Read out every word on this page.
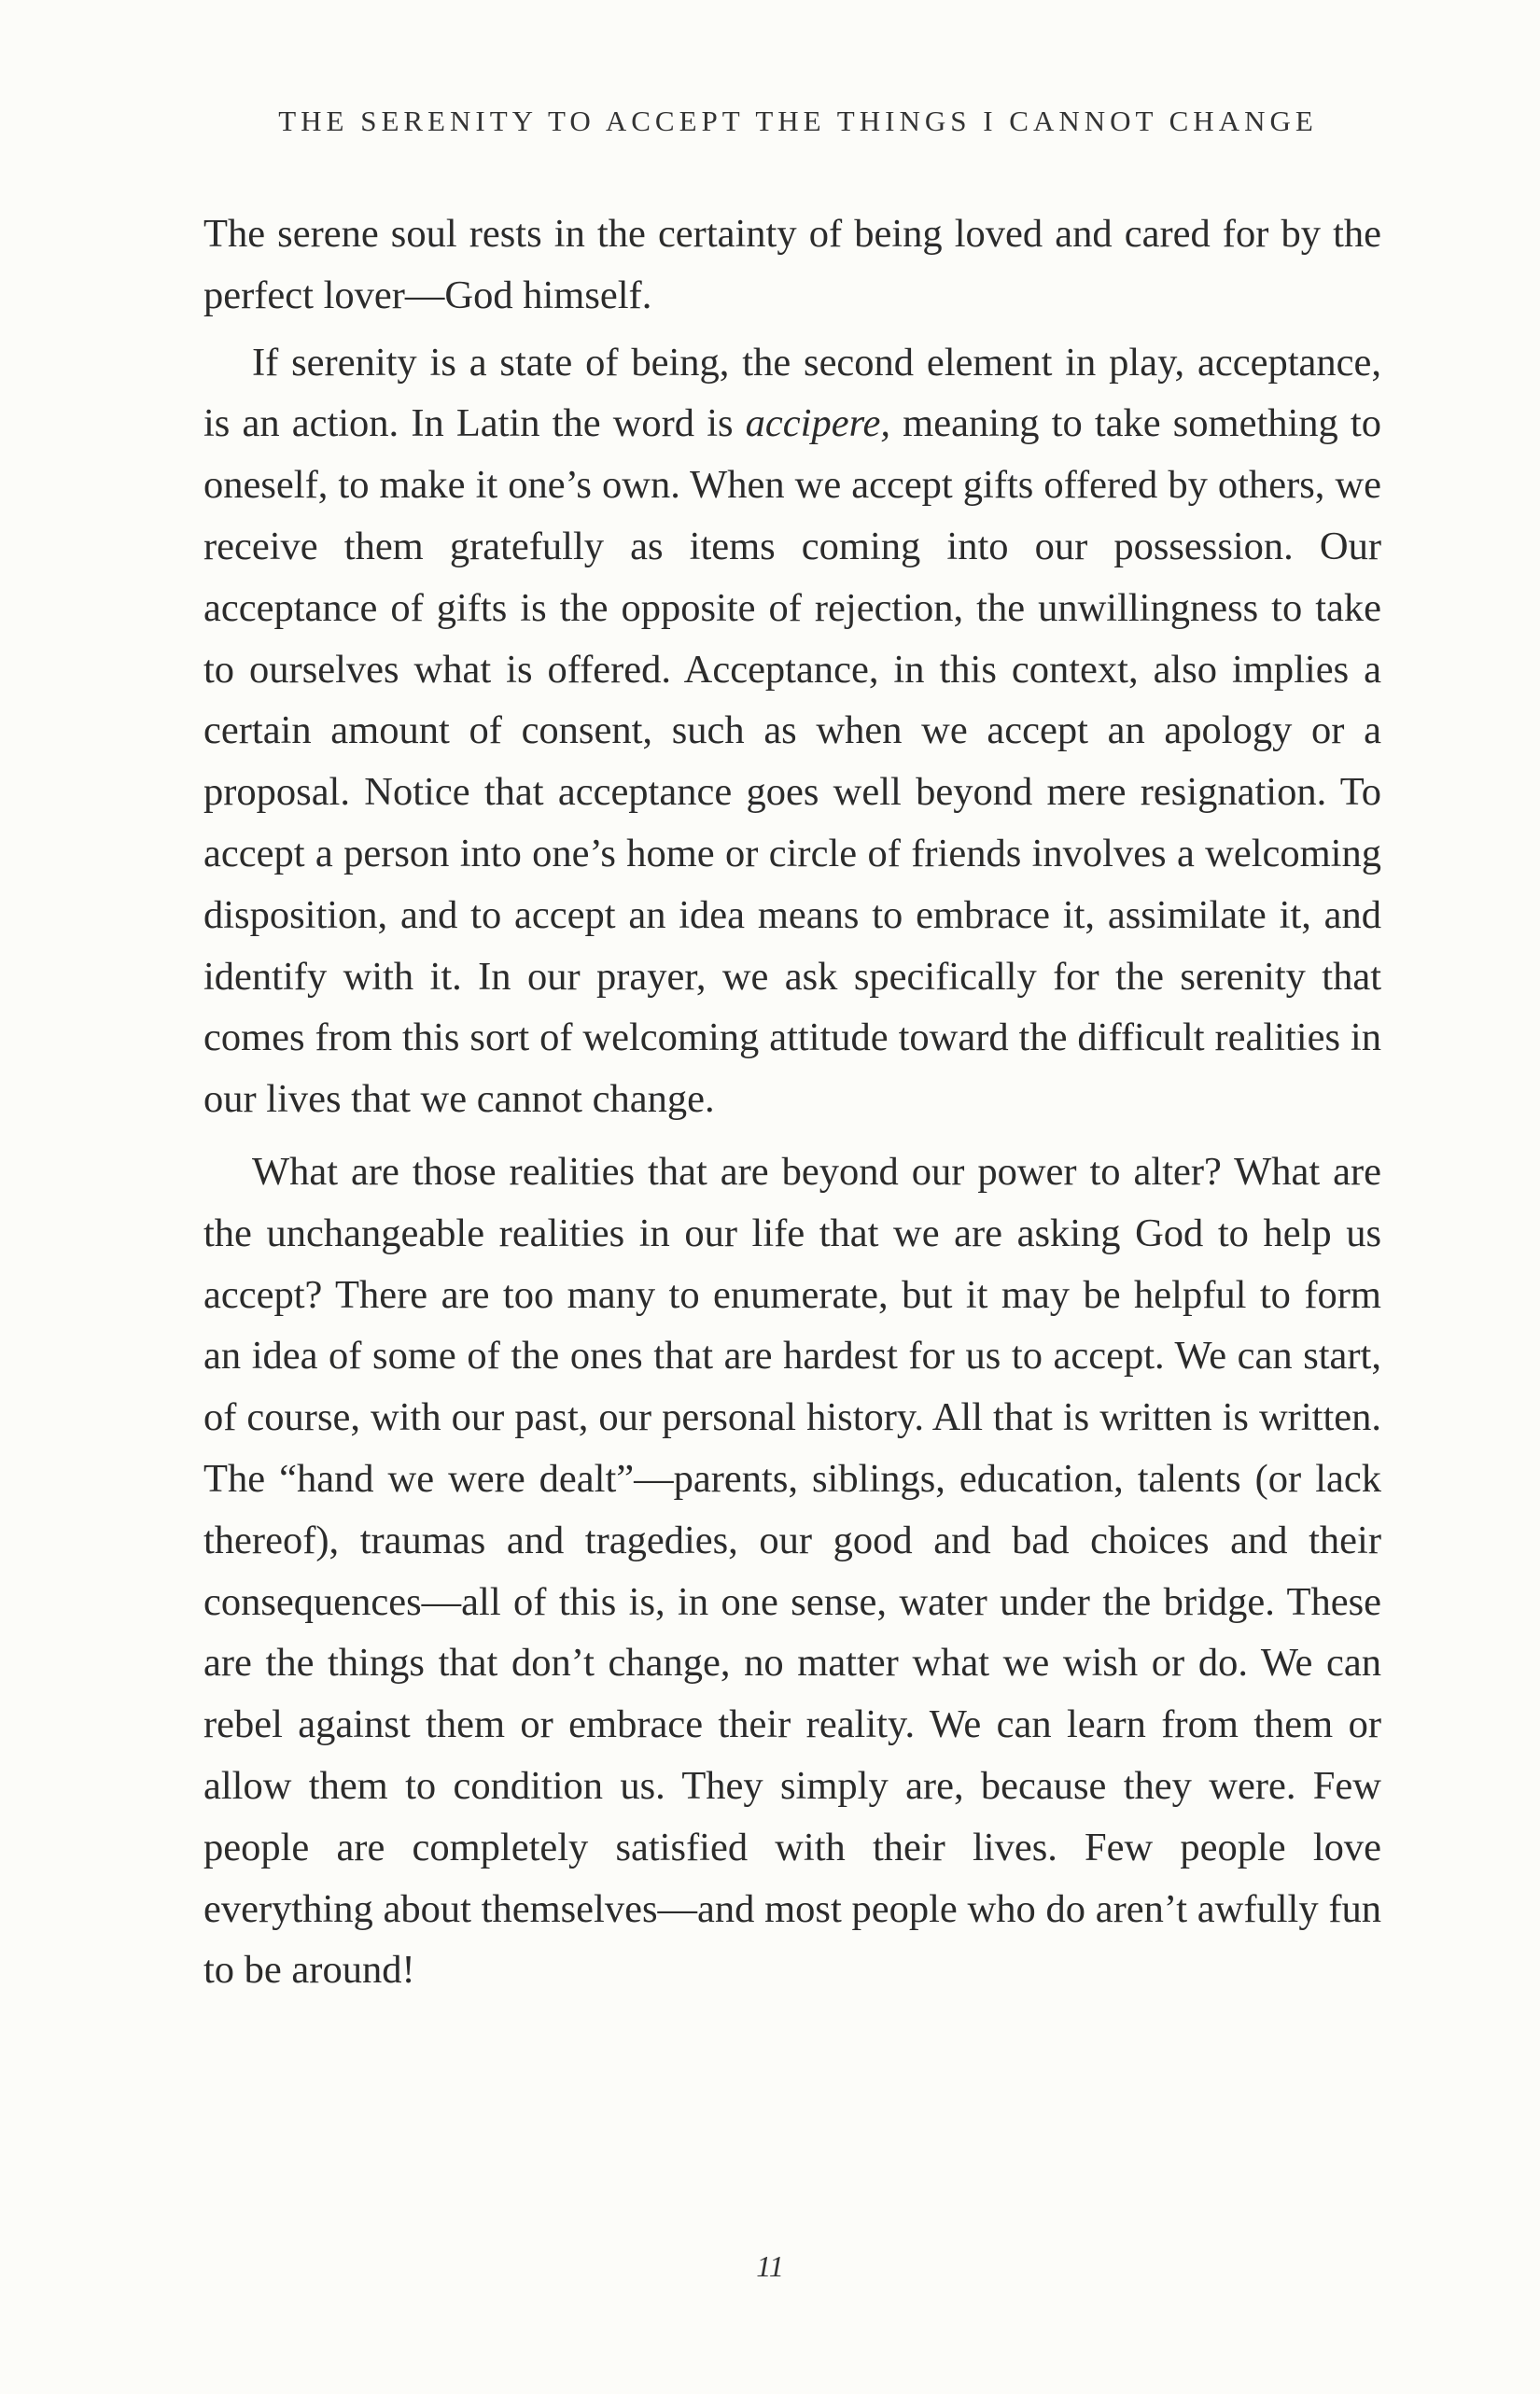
THE SERENITY TO ACCEPT THE THINGS I CANNOT CHANGE

The serene soul rests in the certainty of being loved and cared for by the perfect lover—God himself.

If serenity is a state of being, the second element in play, acceptance, is an action. In Latin the word is accipere, meaning to take something to oneself, to make it one’s own. When we accept gifts offered by others, we receive them gratefully as items coming into our possession. Our acceptance of gifts is the opposite of rejection, the unwillingness to take to ourselves what is offered. Acceptance, in this context, also implies a certain amount of consent, such as when we accept an apology or a proposal. Notice that acceptance goes well beyond mere resignation. To accept a person into one’s home or circle of friends involves a welcoming disposition, and to accept an idea means to embrace it, assimilate it, and identify with it. In our prayer, we ask specifically for the serenity that comes from this sort of welcoming attitude toward the difficult realities in our lives that we cannot change.

What are those realities that are beyond our power to alter? What are the unchangeable realities in our life that we are asking God to help us accept? There are too many to enumerate, but it may be helpful to form an idea of some of the ones that are hardest for us to accept. We can start, of course, with our past, our personal history. All that is written is written. The “hand we were dealt”—parents, siblings, education, talents (or lack thereof), traumas and tragedies, our good and bad choices and their consequences—all of this is, in one sense, water under the bridge. These are the things that don’t change, no matter what we wish or do. We can rebel against them or embrace their reality. We can learn from them or allow them to condition us. They simply are, because they were. Few people are completely satisfied with their lives. Few people love everything about themselves—and most people who do aren’t awfully fun to be around!

11
